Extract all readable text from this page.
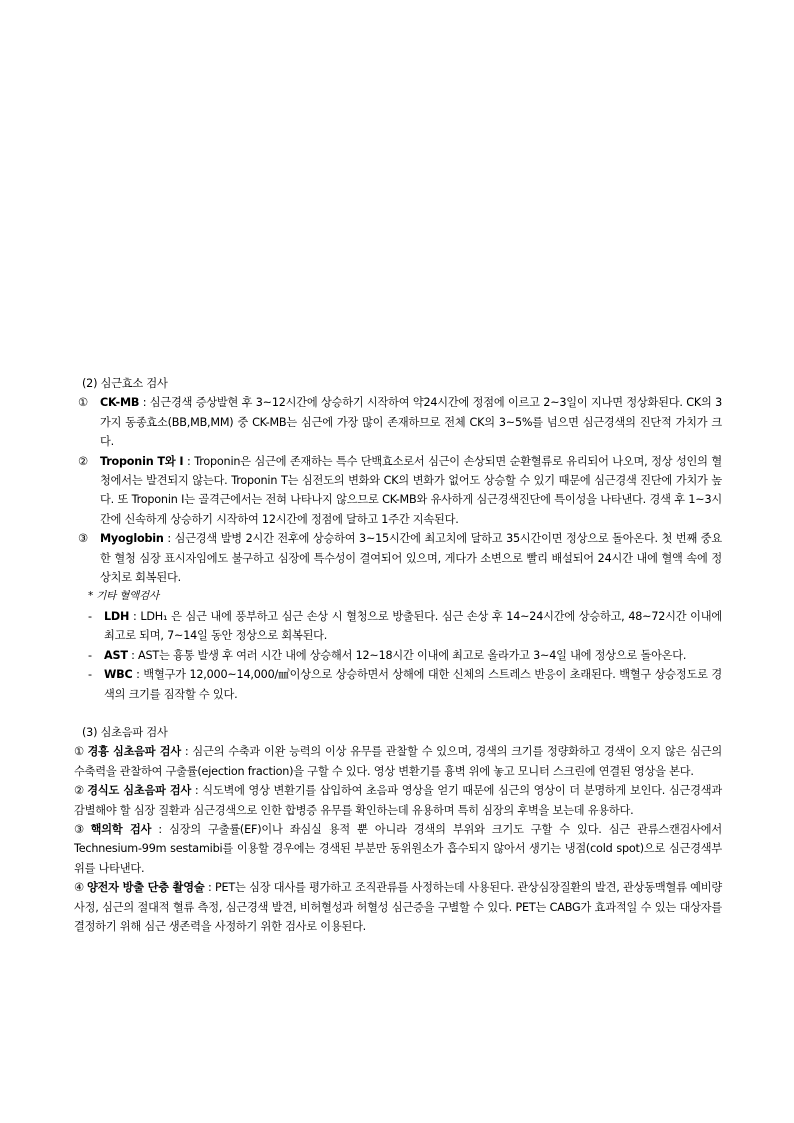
(2) 심근효소 검사
①	CK-MB : 심근경색 증상발현 후 3~12시간에 상승하기 시작하여 약24시간에 정점에 이르고 2~3일이 지나면 정상화된다. CK의 3가지 동종효소(BB,MB,MM) 중 CK-MB는 심근에 가장 많이 존재하므로 전체 CK의 3~5%를 넘으면 심근경색의 진단적 가치가 크다.
②	Troponin T와 I : Troponin은 심근에 존재하는 특수 단백효소로서 심근이 손상되면 순환혈류로 유리되어 나오며, 정상 성인의 혈청에서는 발견되지 않는다. Troponin T는 심전도의 변화와 CK의 변화가 없어도 상승할 수 있기 때문에 심근경색 진단에 가치가 높다. 또 Troponin I는 골격근에서는 전혀 나타나지 않으므로 CK-MB와 유사하게 심근경색진단에 특이성을 나타낸다. 경색 후 1~3시간에 신속하게 상승하기 시작하여 12시간에 정점에 달하고 1주간 지속된다.
③	Myoglobin : 심근경색 발병 2시간 전후에 상승하여 3~15시간에 최고치에 달하고 35시간이면 정상으로 돌아온다. 첫 번째 중요한 혈청 심장 표시자임에도 불구하고 심장에 특수성이 결여되어 있으며, 게다가 소변으로 빨리 배설되어 24시간 내에 혈액 속에 정상치로 회복된다.
* 기타 혈액검사
-	LDH : LDH₁ 은 심근 내에 풍부하고 심근 손상 시 혈청으로 방출된다. 심근 손상 후 14~24시간에 상승하고, 48~72시간 이내에 최고로 되며, 7~14일 동안 정상으로 회복된다.
-	AST : AST는 흉통 발생 후 여러 시간 내에 상승해서 12~18시간 이내에 최고로 올라가고 3~4일 내에 정상으로 돌아온다.
-	WBC : 백혈구가 12,000~14,000/㎣이상으로 상승하면서 상해에 대한 신체의 스트레스 반응이 초래된다. 백혈구 상승정도로 경색의 크기를 짐작할 수 있다.
(3) 심초음파 검사
① 경흉 심초음파 검사 : 심근의 수축과 이완 능력의 이상 유무를 관찰할 수 있으며, 경색의 크기를 정량화하고 경색이 오지 않은 심근의 수축력을 관찰하여 구출률(ejection fraction)을 구할 수 있다. 영상 변환기를 흉벽 위에 놓고 모니터 스크린에 연결된 영상을 본다.
② 경식도 심초음파 검사 : 식도벽에 영상 변환기를 삽입하여 초음파 영상을 얻기 때문에 심근의 영상이 더 분명하게 보인다. 심근경색과 감별해야 할 심장 질환과 심근경색으로 인한 합병증 유무를 확인하는데 유용하며 특히 심장의 후벽을 보는데 유용하다.
③ 핵의학 검사 : 심장의 구출률(EF)이나 좌심실 용적 뿐 아니라 경색의 부위와 크기도 구할 수 있다. 심근 관류스캔검사에서 Technesium-99m sestamibi를 이용할 경우에는 경색된 부분만 동위원소가 흡수되지 않아서 생기는 냉점(cold spot)으로 심근경색부위를 나타낸다.
④ 양전자 방출 단층 촬영술 : PET는 심장 대사를 평가하고 조직관류를 사정하는데 사용된다. 관상심장질환의 발견, 관상동맥혈류 예비량 사정, 심근의 절대적 혈류 측정, 심근경색 발견, 비허혈성과 허혈성 심근증을 구별할 수 있다. PET는 CABG가 효과적일 수 있는 대상자를 결정하기 위해 심근 생존력을 사정하기 위한 검사로 이용된다.
